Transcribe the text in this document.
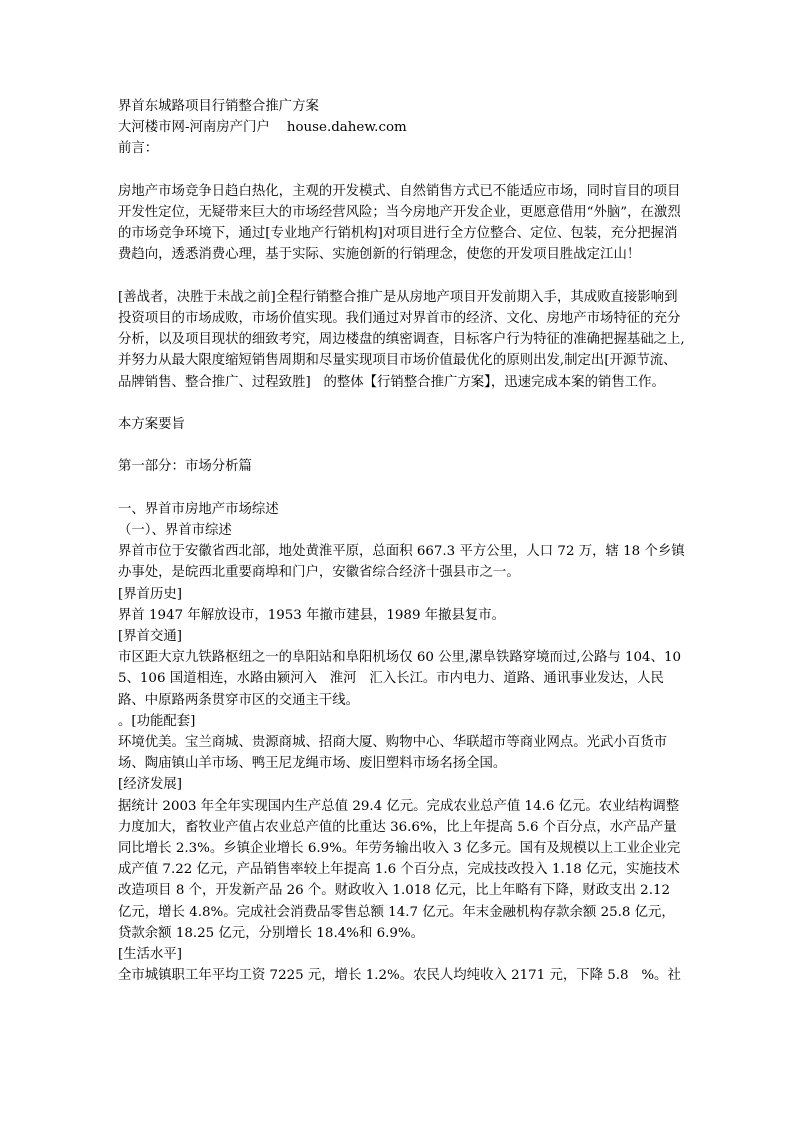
界首东城路项目行销整合推广方案
大河楼市网-河南房产门户    house.dahew.com
前言：
房地产市场竞争日趋白热化，主观的开发模式、自然销售方式已不能适应市场，同时盲目的项目开发性定位，无疑带来巨大的市场经营风险；当今房地产开发企业，更愿意借用“外脑”，在激烈的市场竞争环境下，通过[专业地产行销机构]对项目进行全方位整合、定位、包装，充分把握消费趋向，透悉消费心理，基于实际、实施创新的行销理念，使您的开发项目胜战定江山！
[善战者，决胜于未战之前]全程行销整合推广是从房地产项目开发前期入手，其成败直接影响到投资项目的市场成败，市场价值实现。我们通过对界首市的经济、文化、房地产市场特征的充分分析，以及项目现状的细致考究，周边楼盘的缜密调查，目标客户行为特征的准确把握基础之上,并努力从最大限度缩短销售周期和尽量实现项目市场价值最优化的原则出发,制定出[开源节流、品牌销售、整合推广、过程致胜]   的整体【行销整合推广方案】，迅速完成本案的销售工作。
本方案要旨
第一部分：市场分析篇
一、界首市房地产市场综述
（一）、界首市综述
界首市位于安徽省西北部，地处黄淮平原，总面积 667.3 平方公里，人口 72 万，辖 18 个乡镇办事处，是皖西北重要商埠和门户，安徽省综合经济十强县市之一。
[界首历史]
界首 1947 年解放设市，1953 年撤市建县，1989 年撤县复市。
[界首交通]
市区距大京九铁路枢纽之一的阜阳站和阜阳机场仅 60 公里,漯阜铁路穿境而过,公路与 104、105、106 国道相连，水路由颍河入   淮河   汇入长江。市内电力、道路、通讯事业发达，人民路、中原路两条贯穿市区的交通主干线。
。[功能配套]
环境优美。宝兰商城、贵源商城、招商大厦、购物中心、华联超市等商业网点。光武小百货市场、陶庙镇山羊市场、鸭王尼龙绳市场、废旧塑料市场名扬全国。
[经济发展]
据统计 2003 年全年实现国内生产总值 29.4 亿元。完成农业总产值 14.6 亿元。农业结构调整力度加大，畜牧业产值占农业总产值的比重达 36.6%，比上年提高 5.6 个百分点，水产品产量同比增长 2.3%。乡镇企业增长 6.9%。年劳务输出收入 3 亿多元。国有及规模以上工业企业完成产值 7.22 亿元，产品销售率较上年提高 1.6 个百分点，完成技改投入 1.18 亿元，实施技术改造项目 8 个，开发新产品 26 个。财政收入 1.018 亿元，比上年略有下降，财政支出 2.12 亿元，增长 4.8%。完成社会消费品零售总额 14.7 亿元。年末金融机构存款余额 25.8 亿元，贷款余额 18.25 亿元，分别增长 18.4%和 6.9%。
[生活水平]
全市城镇职工年平均工资 7225 元，增长 1.2%。农民人均纯收入 2171 元，下降 5.8   %。社
